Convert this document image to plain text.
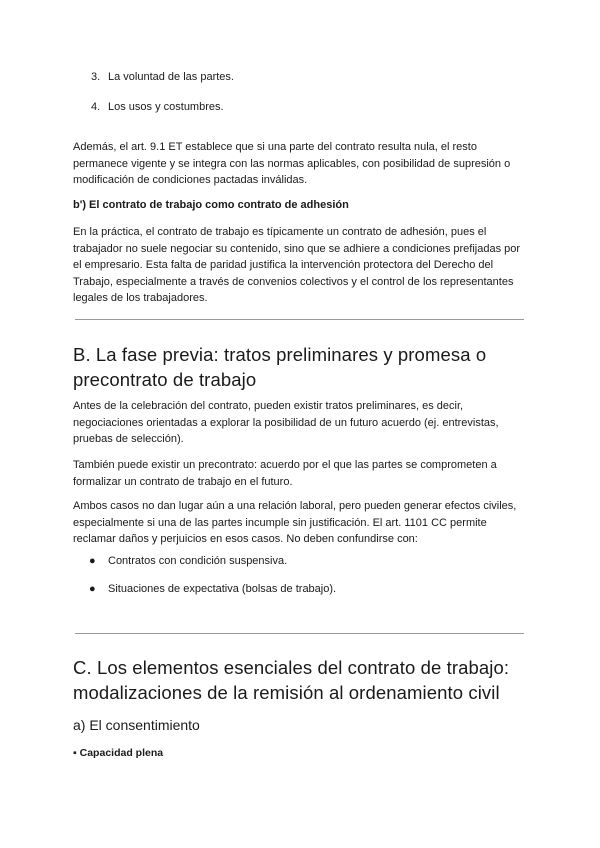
3. La voluntad de las partes.
4. Los usos y costumbres.

Además, el art. 9.1 ET establece que si una parte del contrato resulta nula, el resto permanece vigente y se integra con las normas aplicables, con posibilidad de supresión o modificación de condiciones pactadas inválidas.

b') El contrato de trabajo como contrato de adhesión

En la práctica, el contrato de trabajo es típicamente un contrato de adhesión, pues el trabajador no suele negociar su contenido, sino que se adhiere a condiciones prefijadas por el empresario. Esta falta de paridad justifica la intervención protectora del Derecho del Trabajo, especialmente a través de convenios colectivos y el control de los representantes legales de los trabajadores.

B. La fase previa: tratos preliminares y promesa o precontrato de trabajo

Antes de la celebración del contrato, pueden existir tratos preliminares, es decir, negociaciones orientadas a explorar la posibilidad de un futuro acuerdo (ej. entrevistas, pruebas de selección).

También puede existir un precontrato: acuerdo por el que las partes se comprometen a formalizar un contrato de trabajo en el futuro.

Ambos casos no dan lugar aún a una relación laboral, pero pueden generar efectos civiles, especialmente si una de las partes incumple sin justificación. El art. 1101 CC permite reclamar daños y perjuicios en esos casos. No deben confundirse con:

● Contratos con condición suspensiva.
● Situaciones de expectativa (bolsas de trabajo).
C. Los elementos esenciales del contrato de trabajo: modalizaciones de la remisión al ordenamiento civil
a) El consentimiento
▪ Capacidad plena
